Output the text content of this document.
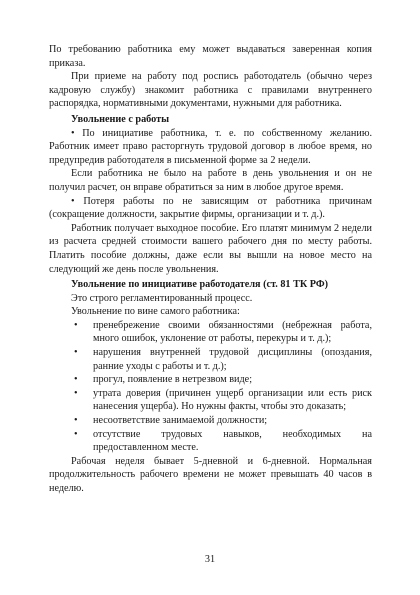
По требованию работника ему может выдаваться заверенная копия приказа.

При приеме на работу под роспись работодатель (обычно через кадровую службу) знакомит работника с правилами внутреннего распорядка, нормативными документами, нужными для работника.

Увольнение с работы

• По инициативе работника, т. е. по собственному желанию. Работник имеет право расторгнуть трудовой договор в любое время, но предупредив работодателя в письменной форме за 2 недели.

Если работника не было на работе в день увольнения и он не получил расчет, он вправе обратиться за ним в любое другое время.

• Потеря работы по не зависящим от работника причинам (сокращение должности, закрытие фирмы, организации и т. д.).

Работник получает выходное пособие. Его платят минимум 2 недели из расчета средней стоимости вашего рабочего дня по месту работы. Платить пособие должны, даже если вы вышли на новое место на следующий же день после увольнения.

Увольнение по инициативе работодателя (ст. 81 ТК РФ)

Это строго регламентированный процесс.

Увольнение по вине самого работника:

• пренебрежение своими обязанностями (небрежная работа, много ошибок, уклонение от работы, перекуры и т. д.);
• нарушения внутренней трудовой дисциплины (опоздания, ранние уходы с работы и т. д.);
• прогул, появление в нетрезвом виде;
• утрата доверия (причинен ущерб организации или есть риск нанесения ущерба). Но нужны факты, чтобы это доказать;
• несоответствие занимаемой должности;
• отсутствие трудовых навыков, необходимых на предоставленном месте.

Рабочая неделя бывает 5-дневной и 6-дневной. Нормальная продолжительность рабочего времени не может превышать 40 часов в неделю.

31
